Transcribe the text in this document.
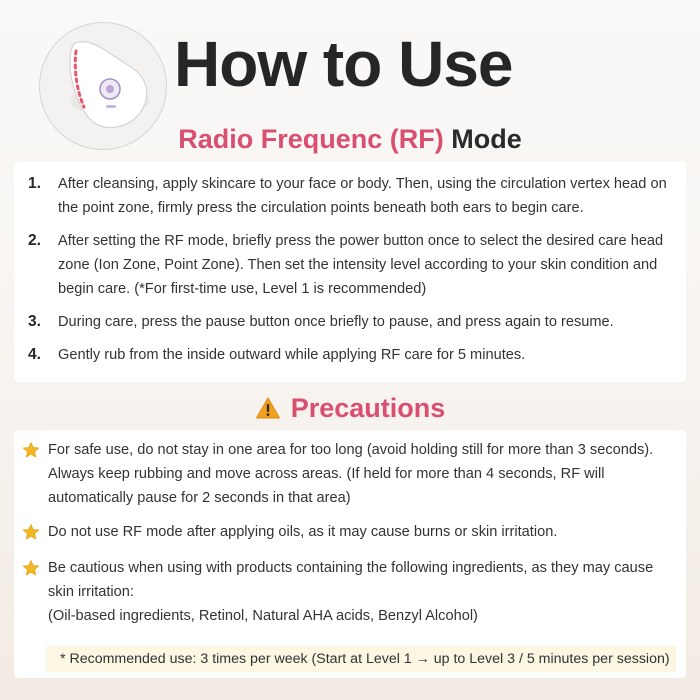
How to Use
Radio Frequenc (RF) Mode
1.	After cleansing, apply skincare to your face or body. Then, using the circulation vertex head on the point zone, firmly press the circulation points beneath both ears to begin care.
2.	After setting the RF mode, briefly press the power button once to select the desired care head zone (Ion Zone, Point Zone). Then set the intensity level according to your skin condition and begin care. (*For first-time use, Level 1 is recommended)
3.	During care, press the pause button once briefly to pause, and press again to resume.
4.	Gently rub from the inside outward while applying RF care for 5 minutes.
Precautions
For safe use, do not stay in one area for too long (avoid holding still for more than 3 seconds). Always keep rubbing and move across areas. (If held for more than 4 seconds, RF will automatically pause for 2 seconds in that area)
Do not use RF mode after applying oils, as it may cause burns or skin irritation.
Be cautious when using with products containing the following ingredients, as they may cause skin irritation:
(Oil-based ingredients, Retinol, Natural AHA acids, Benzyl Alcohol)
* Recommended use: 3 times per week (Start at Level 1 → up to Level 3 / 5 minutes per session)
